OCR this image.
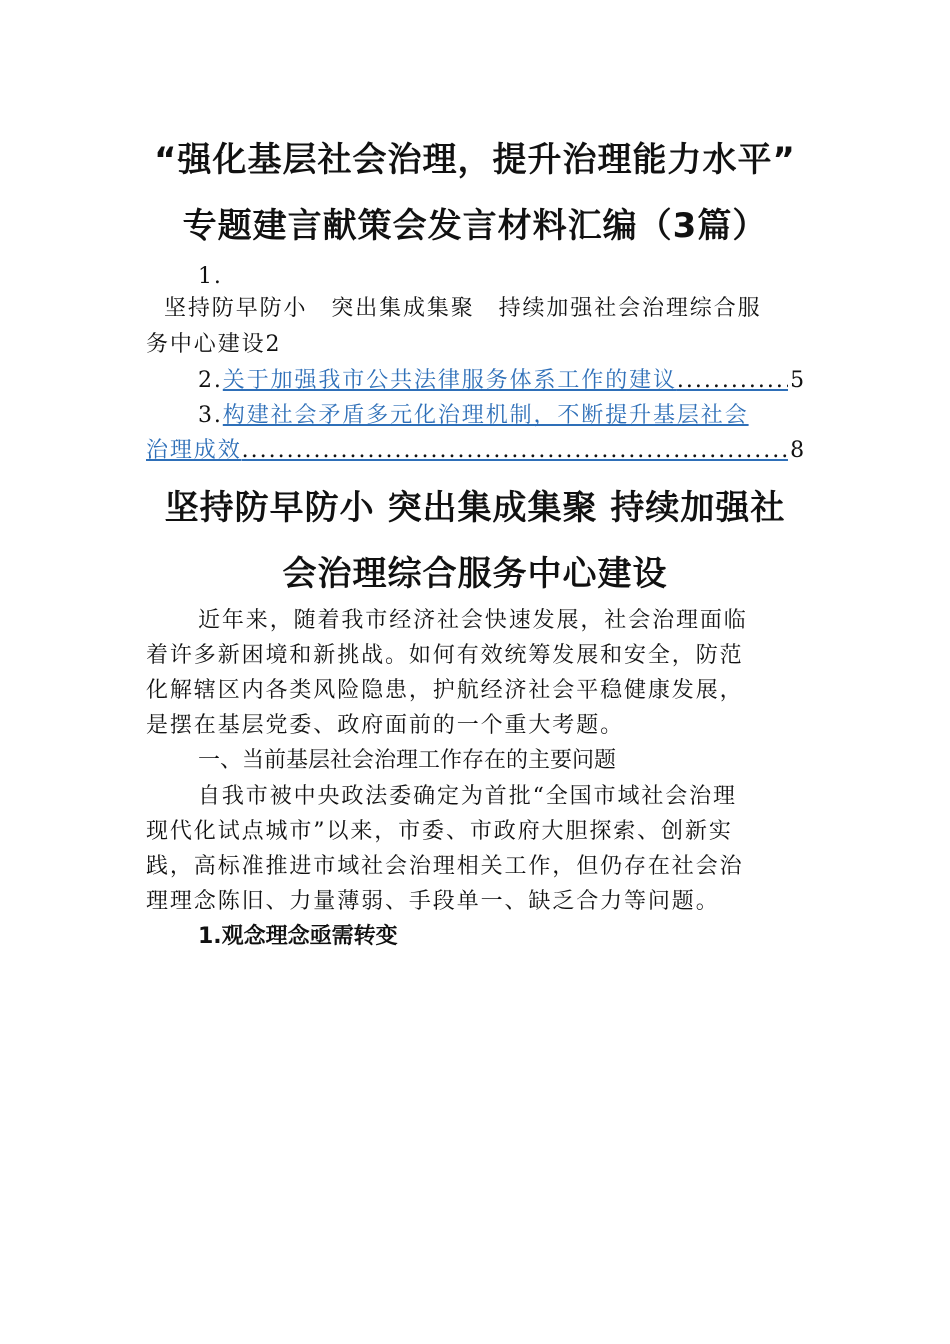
“强化基层社会治理，提升治理能力水平”
专题建言献策会发言材料汇编（3篇）
1.
坚持防早防小　突出集成集聚　持续加强社会治理综合服
务中心建设2
2. 关于加强我市公共法律服务体系工作的建议 .....	5
3.构建社会矛盾多元化治理机制，不断提升基层社会
治理成效 .....	8
坚持防早防小 突出集成集聚 持续加强社
会治理综合服务中心建设
近年来，随着我市经济社会快速发展，社会治理面临
着许多新困境和新挑战。如何有效统筹发展和安全，防范
化解辖区内各类风险隐患，护航经济社会平稳健康发展，
是摆在基层党委、政府面前的一个重大考题。
一、当前基层社会治理工作存在的主要问题
自我市被中央政法委确定为首批“全国市域社会治理
现代化试点城市”以来，市委、市政府大胆探索、创新实
践，高标准推进市域社会治理相关工作，但仍存在社会治
理理念陈旧、力量薄弱、手段单一、缺乏合力等问题。
1.观念理念亟需转变
